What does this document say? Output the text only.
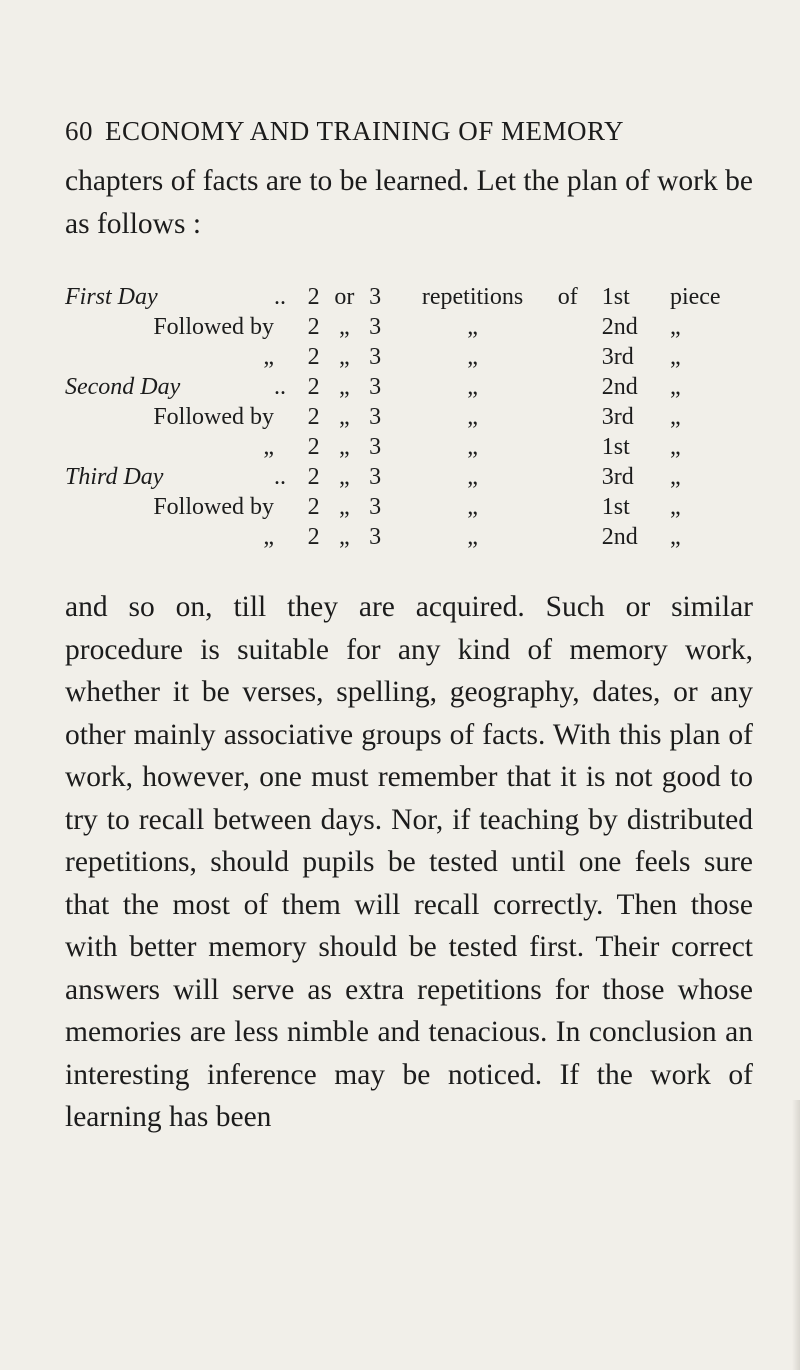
60 ECONOMY AND TRAINING OF MEMORY

chapters of facts are to be learned. Let the plan of work be as follows :

First Day	..	2	or	3	repetitions	of	1st	piece
Followed by		2	„	3	„		2nd	„
„		2	„	3	„		3rd	„
Second Day	..	2	„	3	„		2nd	„
Followed by		2	„	3	„		3rd	„
„		2	„	3	„		1st	„
Third Day	..	2	„	3	„		3rd	„
Followed by		2	„	3	„		1st	„
„		2	„	3	„		2nd	„

and so on, till they are acquired. Such or similar procedure is suitable for any kind of memory work, whether it be verses, spelling, geography, dates, or any other mainly associative groups of facts. With this plan of work, however, one must remember that it is not good to try to recall between days. Nor, if teaching by distributed repetitions, should pupils be tested until one feels sure that the most of them will recall correctly. Then those with better memory should be tested first. Their correct answers will serve as extra repetitions for those whose memories are less nimble and tenacious. In conclusion an interesting inference may be noticed. If the work of learning has been
